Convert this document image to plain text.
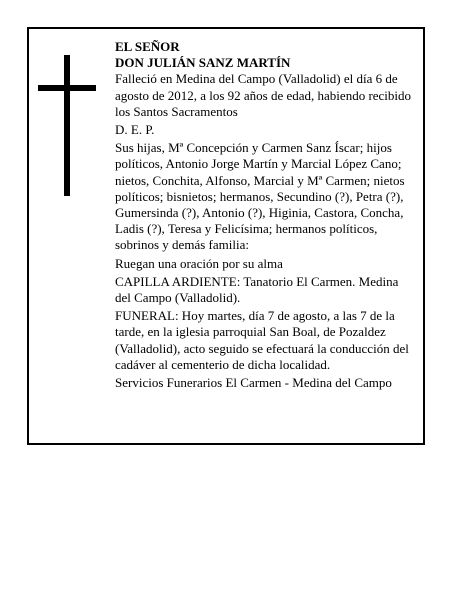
EL SEÑOR

DON JULIÁN SANZ MARTÍN

Falleció en Medina del Campo (Valladolid) el día 6 de agosto de 2012, a los 92 años de edad, habiendo recibido los Santos Sacramentos

D. E. P.

Sus hijas, Mª Concepción y Carmen Sanz Íscar; hijos políticos, Antonio Jorge Martín y Marcial López Cano; nietos, Conchita, Alfonso, Marcial y Mª Carmen; nietos políticos; bisnietos; hermanos, Secundino (?), Petra (?), Gumersinda (?), Antonio (?), Higinia, Castora, Concha, Ladis (?), Teresa y Felicísima; hermanos políticos, sobrinos y demás familia:

Ruegan una oración por su alma

CAPILLA ARDIENTE: Tanatorio El Carmen. Medina del Campo (Valladolid).

FUNERAL: Hoy martes, día 7 de agosto, a las 7 de la tarde, en la iglesia parroquial San Boal, de Pozaldez (Valladolid), acto seguido se efectuará la conducción del cadáver al cementerio de dicha localidad.

Servicios Funerarios El Carmen - Medina del Campo
